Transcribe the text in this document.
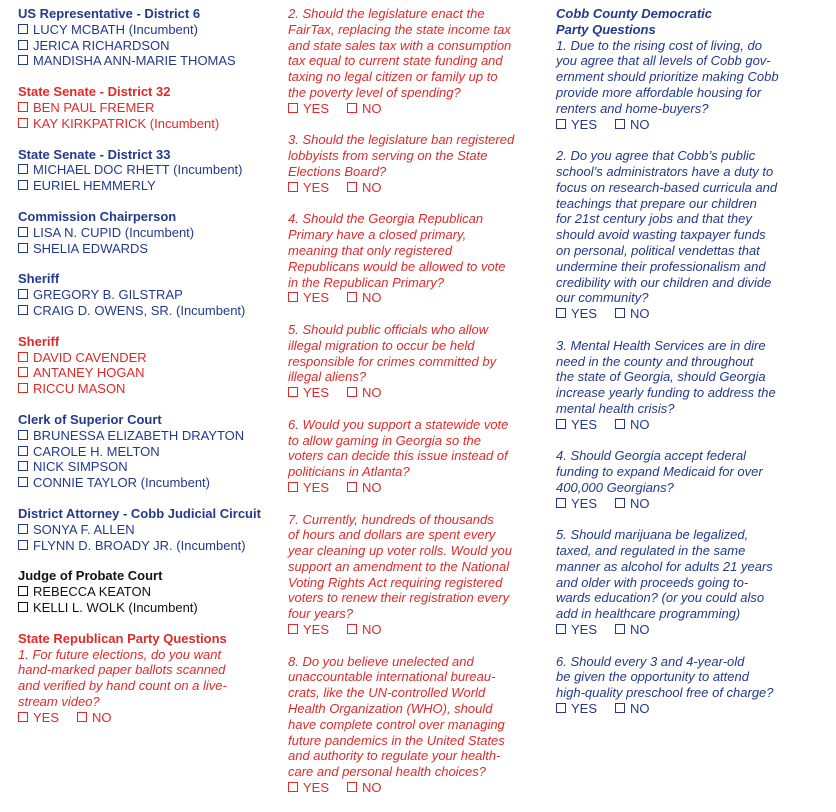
US Representative - District 6
LUCY MCBATH (Incumbent)
JERICA RICHARDSON
MANDISHA ANN-MARIE THOMAS
State Senate - District 32
BEN PAUL FREMER
KAY KIRKPATRICK (Incumbent)
State Senate - District 33
MICHAEL DOC RHETT (Incumbent)
EURIEL HEMMERLY
Commission Chairperson
LISA N. CUPID (Incumbent)
SHELIA EDWARDS
Sheriff
GREGORY B. GILSTRAP
CRAIG D. OWENS, SR. (Incumbent)
Sheriff
DAVID CAVENDER
ANTANEY HOGAN
RICCU MASON
Clerk of Superior Court
BRUNESSA ELIZABETH DRAYTON
CAROLE H. MELTON
NICK SIMPSON
CONNIE TAYLOR (Incumbent)
District Attorney - Cobb Judicial Circuit
SONYA F. ALLEN
FLYNN D. BROADY JR. (Incumbent)
Judge of Probate Court
REBECCA KEATON
KELLI L. WOLK (Incumbent)
State Republican Party Questions
1. For future elections, do you want
hand-marked paper ballots scanned
and verified by hand count on a live-
stream video?
YES	NO
2. Should the legislature enact the
FairTax, replacing the state income tax
and state sales tax with a consumption
tax equal to current state funding and
taxing no legal citizen or family up to
the poverty level of spending?
YES	NO
3. Should the legislature ban registered
lobbyists from serving on the State
Elections Board?
YES	NO
4. Should the Georgia Republican
Primary have a closed primary,
meaning that only registered
Republicans would be allowed to vote
in the Republican Primary?
YES	NO
5. Should public officials who allow
illegal migration to occur be held
responsible for crimes committed by
illegal aliens?
YES	NO
6. Would you support a statewide vote
to allow gaming in Georgia so the
voters can decide this issue instead of
politicians in Atlanta?
YES	NO
7. Currently, hundreds of thousands
of hours and dollars are spent every
year cleaning up voter rolls. Would you
support an amendment to the National
Voting Rights Act requiring registered
voters to renew their registration every
four years?
YES	NO
8. Do you believe unelected and
unaccountable international bureau-
crats, like the UN-controlled World
Health Organization (WHO), should
have complete control over managing
future pandemics in the United States
and authority to regulate your health-
care and personal health choices?
YES	NO
Cobb County Democratic
Party Questions
1. Due to the rising cost of living, do
you agree that all levels of Cobb gov-
ernment should prioritize making Cobb
provide more affordable housing for
renters and home-buyers?
YES	NO
2. Do you agree that Cobb’s public
school’s administrators have a duty to
focus on research-based curricula and
teachings that prepare our children
for 21st century jobs and that they
should avoid wasting taxpayer funds
on personal, political vendettas that
undermine their professionalism and
credibility with our children and divide
our community?
YES	NO
3. Mental Health Services are in dire
need in the county and throughout
the state of Georgia, should Georgia
increase yearly funding to address the
mental health crisis?
YES	NO
4. Should Georgia accept federal
funding to expand Medicaid for over
400,000 Georgians?
YES	NO
5. Should marijuana be legalized,
taxed, and regulated in the same
manner as alcohol for adults 21 years
and older with proceeds going to-
wards education? (or you could also
add in healthcare programming)
YES	NO
6. Should every 3 and 4-year-old
be given the opportunity to attend
high-quality preschool free of charge?
YES	NO
